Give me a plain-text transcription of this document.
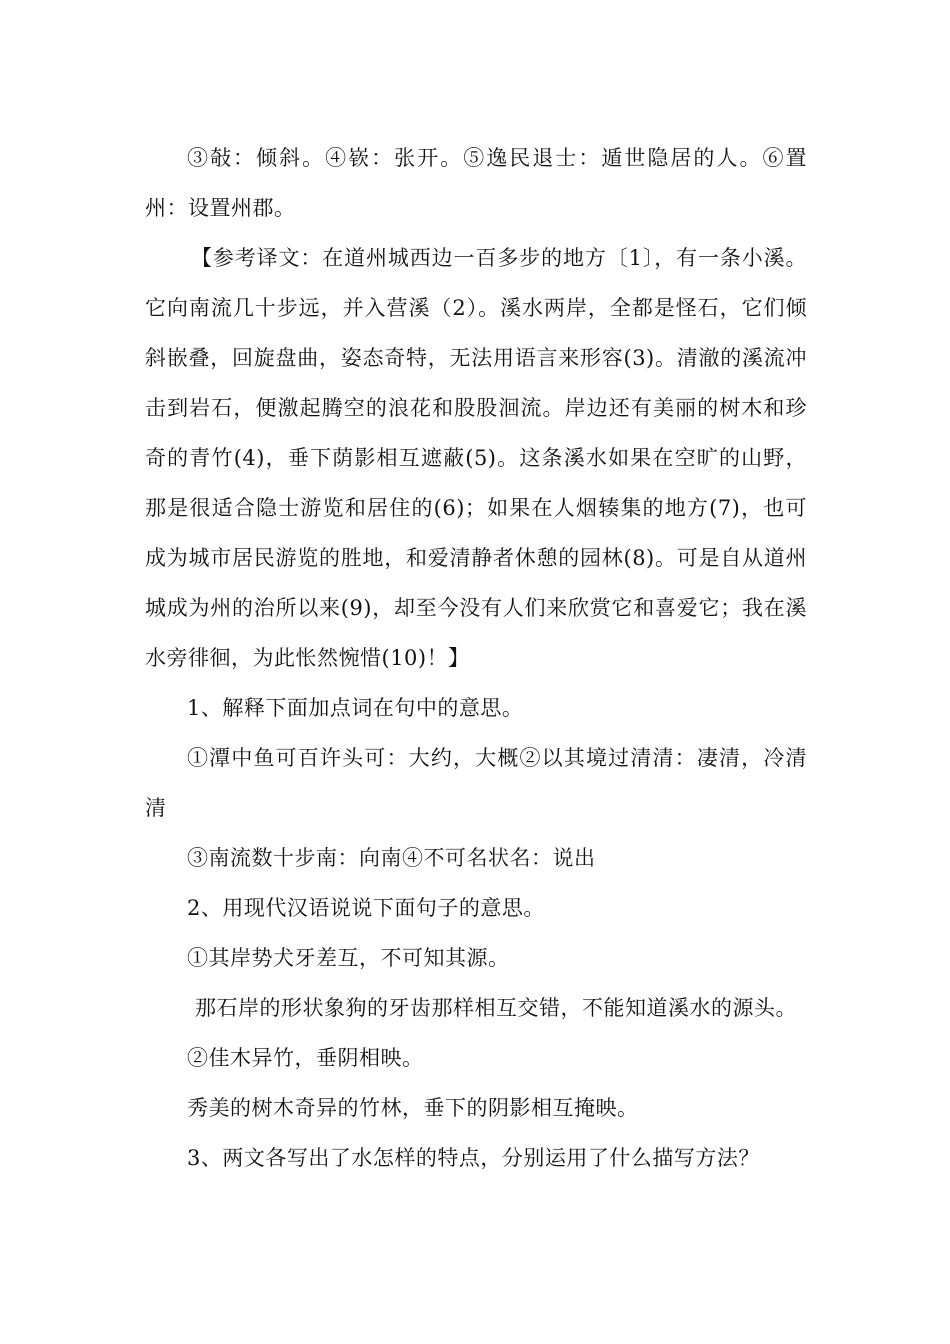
③敧：倾斜。④嵚：张开。⑤逸民退士：遁世隐居的人。⑥置州：设置州郡。

【参考译文：在道州城西边一百多步的地方〔1〕，有一条小溪。它向南流几十步远，并入营溪（2）。溪水两岸，全都是怪石，它们倾斜嵌叠，回旋盘曲，姿态奇特，无法用语言来形容(3)。清澈的溪流冲击到岩石，便激起腾空的浪花和股股洄流。岸边还有美丽的树木和珍奇的青竹(4)，垂下荫影相互遮蔽(5)。这条溪水如果在空旷的山野，那是很适合隐士游览和居住的(6)；如果在人烟辏集的地方(7)，也可成为城市居民游览的胜地，和爱清静者休憩的园林(8)。可是自从道州城成为州的治所以来(9)，却至今没有人们来欣赏它和喜爱它；我在溪水旁徘徊，为此怅然惋惜(10)！】

1、解释下面加点词在句中的意思。

①潭中鱼可百许头可：大约，大概②以其境过清清：凄清，冷清清

③南流数十步南：向南④不可名状名：说出

2、用现代汉语说说下面句子的意思。

①其岸势犬牙差互，不可知其源。

那石岸的形状象狗的牙齿那样相互交错，不能知道溪水的源头。

②佳木异竹，垂阴相映。

秀美的树木奇异的竹林，垂下的阴影相互掩映。

3、两文各写出了水怎样的特点，分别运用了什么描写方法？
